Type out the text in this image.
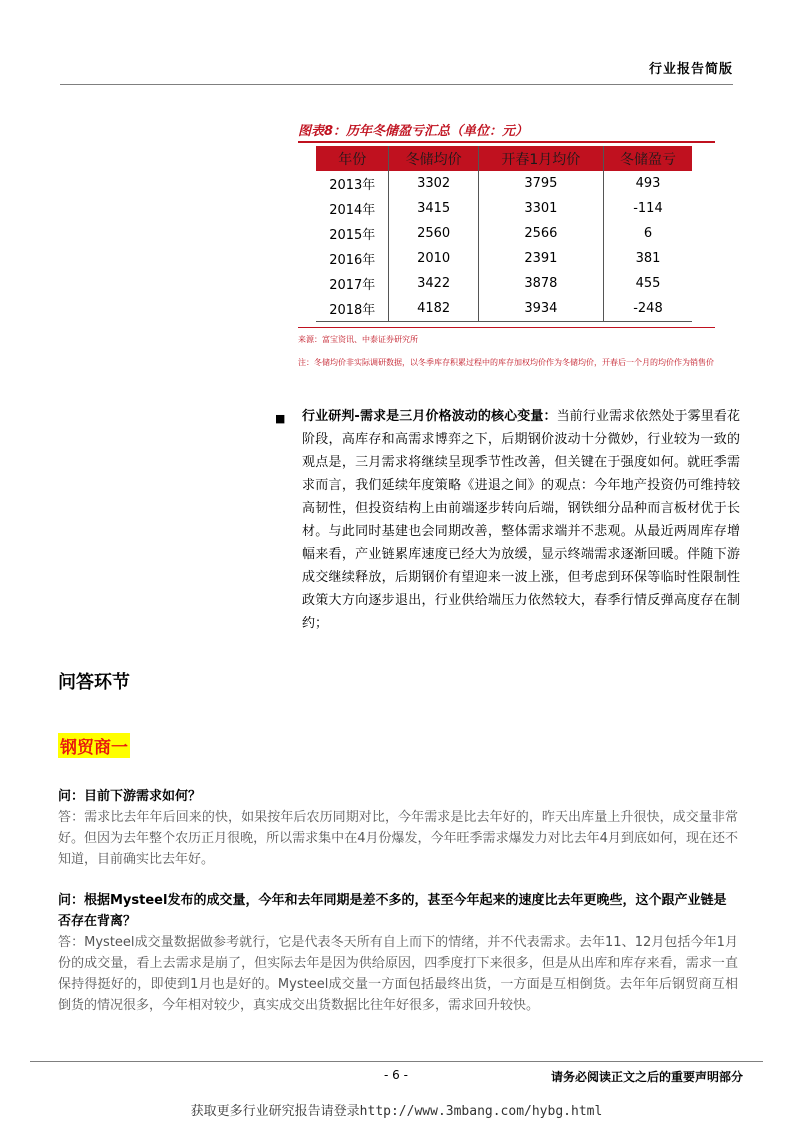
行业报告简版
图表8：历年冬储盈亏汇总（单位：元）
年份	冬储均价	开春1月均价	冬储盈亏
2013年	3302	3795	493
2014年	3415	3301	-114
2015年	2560	2566	6
2016年	2010	2391	381
2017年	3422	3878	455
2018年	4182	3934	-248
来源：富宝资讯、中泰证券研究所
注：冬储均价非实际调研数据，以冬季库存积累过程中的库存加权均价作为冬储均价，开春后一个月的均价作为销售价
■ 行业研判-需求是三月价格波动的核心变量：当前行业需求依然处于雾里看花阶段，高库存和高需求博弈之下，后期钢价波动十分微妙，行业较为一致的观点是，三月需求将继续呈现季节性改善，但关键在于强度如何。就旺季需求而言，我们延续年度策略《进退之间》的观点：今年地产投资仍可维持较高韧性，但投资结构上由前端逐步转向后端，钢铁细分品种而言板材优于长材。与此同时基建也会同期改善，整体需求端并不悲观。从最近两周库存增幅来看，产业链累库速度已经大为放缓，显示终端需求逐渐回暖。伴随下游成交继续释放，后期钢价有望迎来一波上涨，但考虑到环保等临时性限制性政策大方向逐步退出，行业供给端压力依然较大，春季行情反弹高度存在制约；
问答环节
钢贸商一
问：目前下游需求如何？
答：需求比去年年后回来的快，如果按年后农历同期对比，今年需求是比去年好的，昨天出库量上升很快，成交量非常好。但因为去年整个农历正月很晚，所以需求集中在4月份爆发，今年旺季需求爆发力对比去年4月到底如何，现在还不知道，目前确实比去年好。
问：根据Mysteel发布的成交量，今年和去年同期是差不多的，甚至今年起来的速度比去年更晚些，这个跟产业链是否存在背离？
答：Mysteel成交量数据做参考就行，它是代表冬天所有自上而下的情绪，并不代表需求。去年11、12月包括今年1月份的成交量，看上去需求是崩了，但实际去年是因为供给原因，四季度打下来很多，但是从出库和库存来看，需求一直保持得挺好的，即使到1月也是好的。Mysteel成交量一方面包括最终出货，一方面是互相倒货。去年年后钢贸商互相倒货的情况很多，今年相对较少，真实成交出货数据比往年好很多，需求回升较快。
- 6 -	请务必阅读正文之后的重要声明部分
获取更多行业研究报告请登录http://www.3mbang.com/hybg.html
